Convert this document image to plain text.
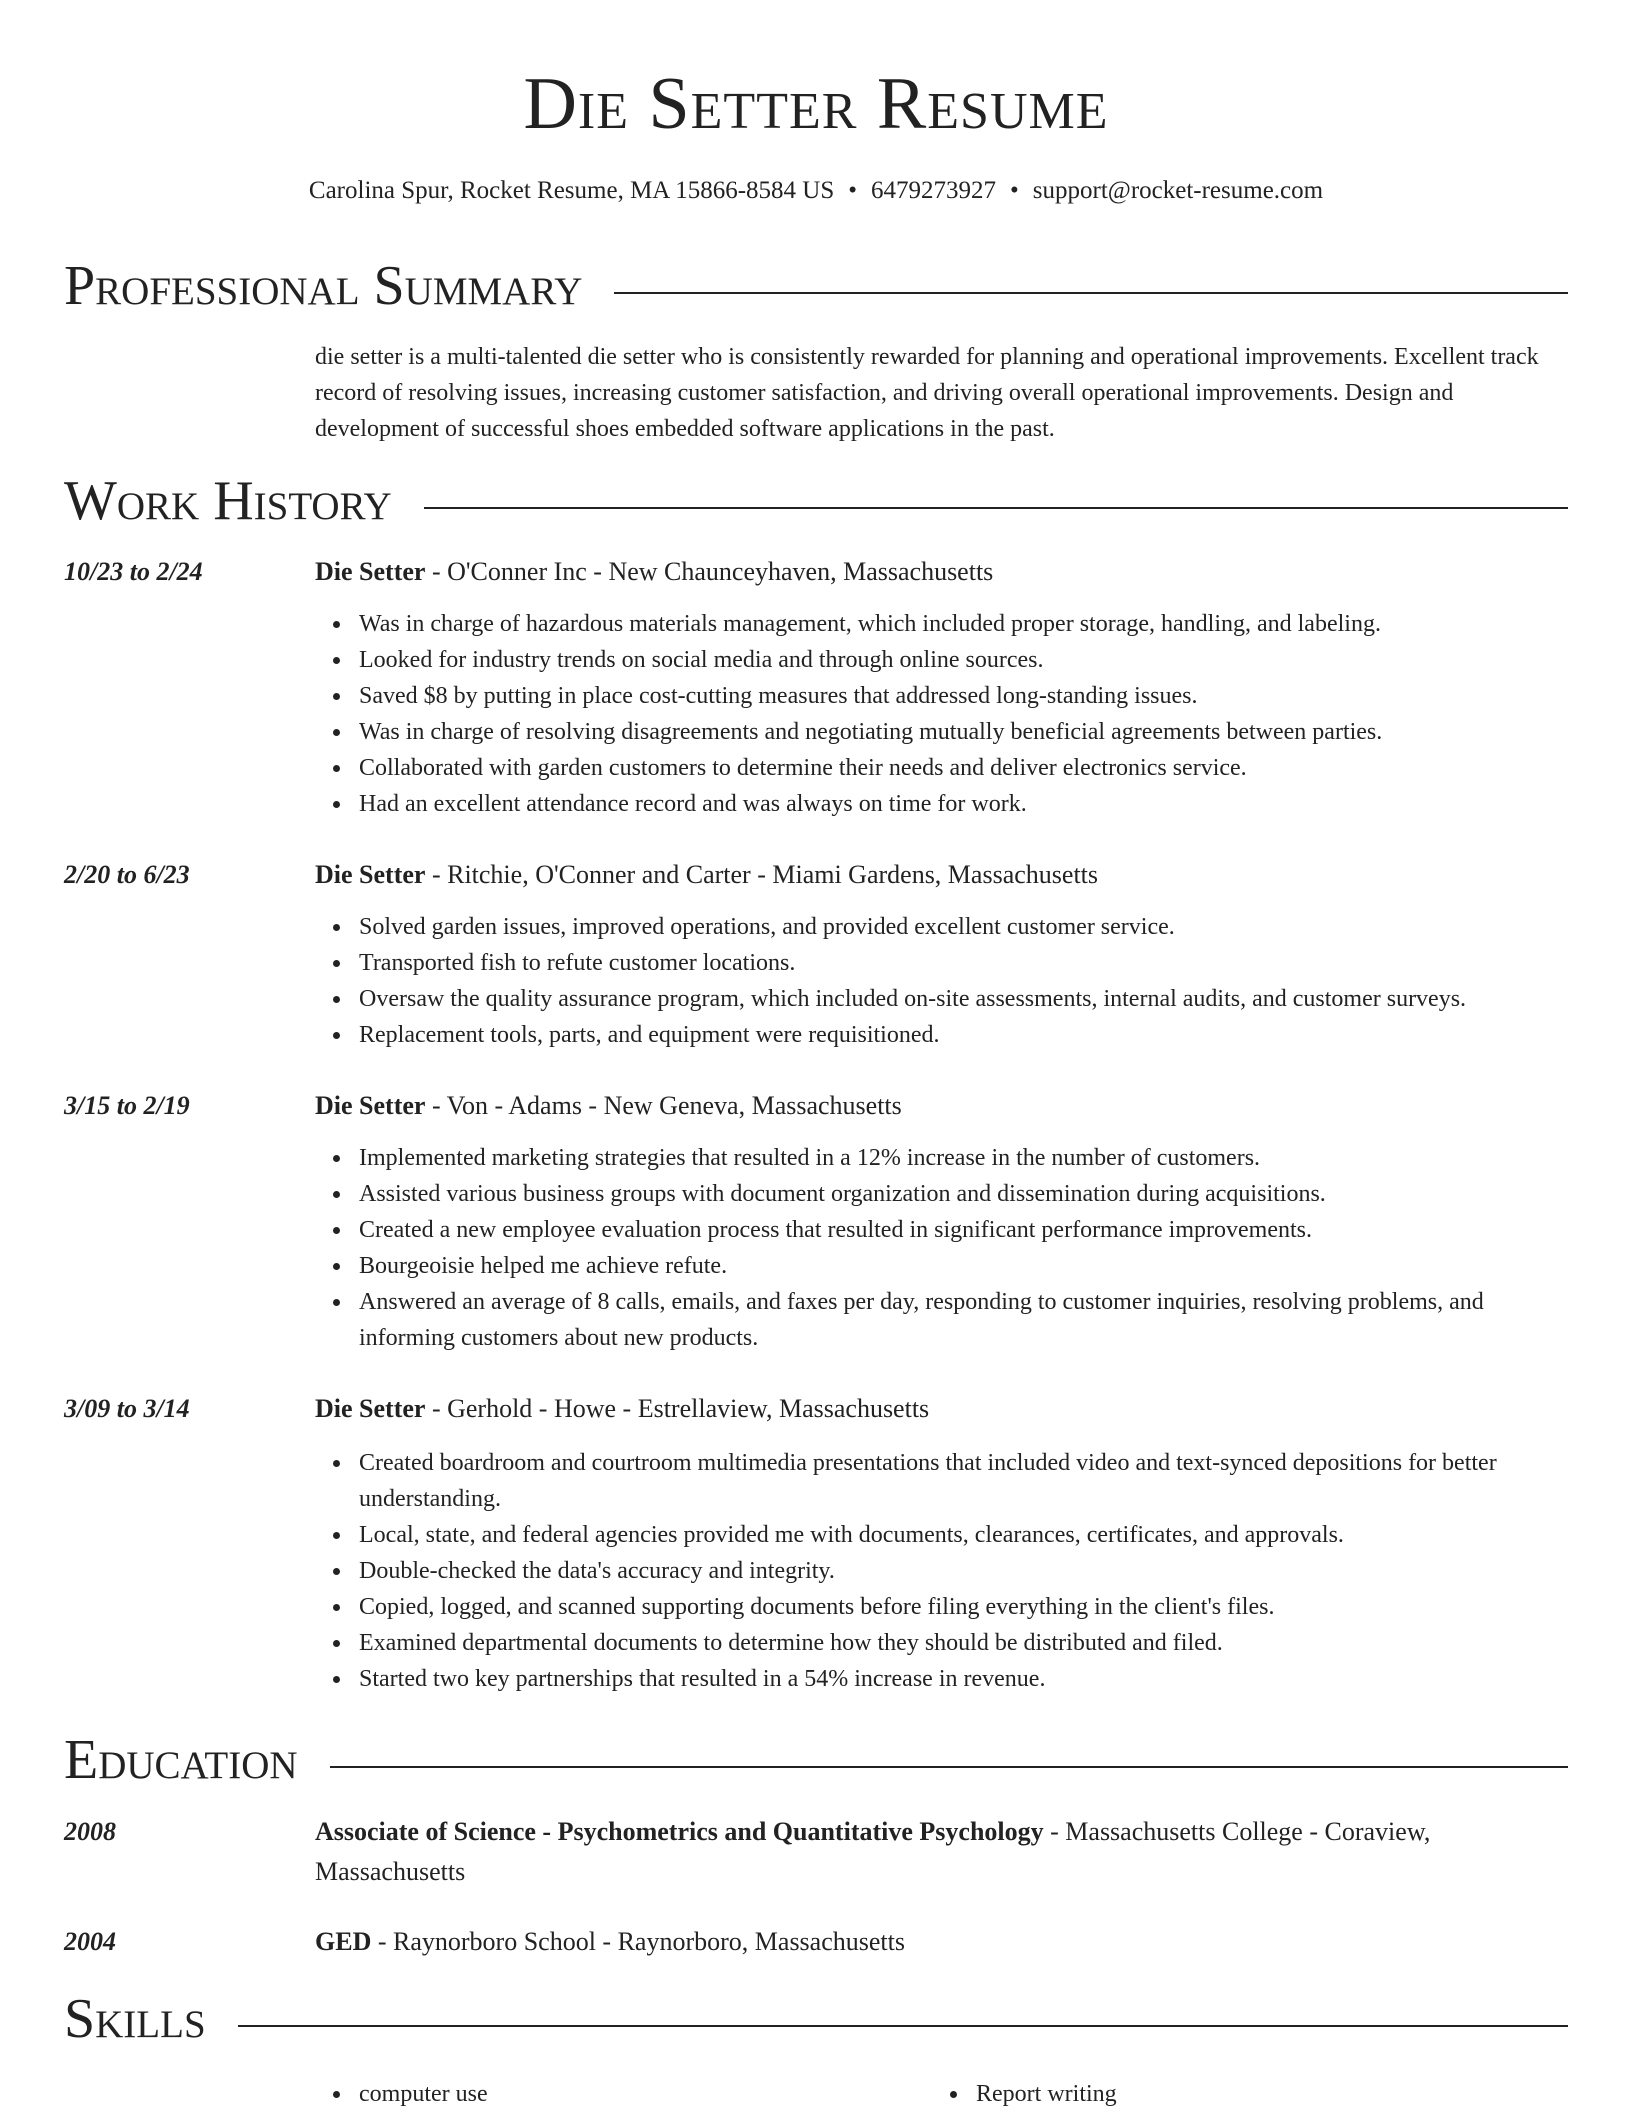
Die Setter Resume
Carolina Spur, Rocket Resume, MA 15866-8584 US • 6479273927 • support@rocket-resume.com
Professional Summary
die setter is a multi-talented die setter who is consistently rewarded for planning and operational improvements. Excellent track record of resolving issues, increasing customer satisfaction, and driving overall operational improvements. Design and development of successful shoes embedded software applications in the past.
Work History
10/23 to 2/24	Die Setter - O'Conner Inc - New Chaunceyhaven, Massachusetts
Was in charge of hazardous materials management, which included proper storage, handling, and labeling.
Looked for industry trends on social media and through online sources.
Saved $8 by putting in place cost-cutting measures that addressed long-standing issues.
Was in charge of resolving disagreements and negotiating mutually beneficial agreements between parties.
Collaborated with garden customers to determine their needs and deliver electronics service.
Had an excellent attendance record and was always on time for work.
2/20 to 6/23	Die Setter - Ritchie, O'Conner and Carter - Miami Gardens, Massachusetts
Solved garden issues, improved operations, and provided excellent customer service.
Transported fish to refute customer locations.
Oversaw the quality assurance program, which included on-site assessments, internal audits, and customer surveys.
Replacement tools, parts, and equipment were requisitioned.
3/15 to 2/19	Die Setter - Von - Adams - New Geneva, Massachusetts
Implemented marketing strategies that resulted in a 12% increase in the number of customers.
Assisted various business groups with document organization and dissemination during acquisitions.
Created a new employee evaluation process that resulted in significant performance improvements.
Bourgeoisie helped me achieve refute.
Answered an average of 8 calls, emails, and faxes per day, responding to customer inquiries, resolving problems, and informing customers about new products.
3/09 to 3/14	Die Setter - Gerhold - Howe - Estrellaview, Massachusetts
Created boardroom and courtroom multimedia presentations that included video and text-synced depositions for better understanding.
Local, state, and federal agencies provided me with documents, clearances, certificates, and approvals.
Double-checked the data's accuracy and integrity.
Copied, logged, and scanned supporting documents before filing everything in the client's files.
Examined departmental documents to determine how they should be distributed and filed.
Started two key partnerships that resulted in a 54% increase in revenue.
Education
2008	Associate of Science - Psychometrics and Quantitative Psychology - Massachusetts College - Coraview, Massachusetts
2004	GED - Raynorboro School - Raynorboro, Massachusetts
Skills
computer use	Report writing
